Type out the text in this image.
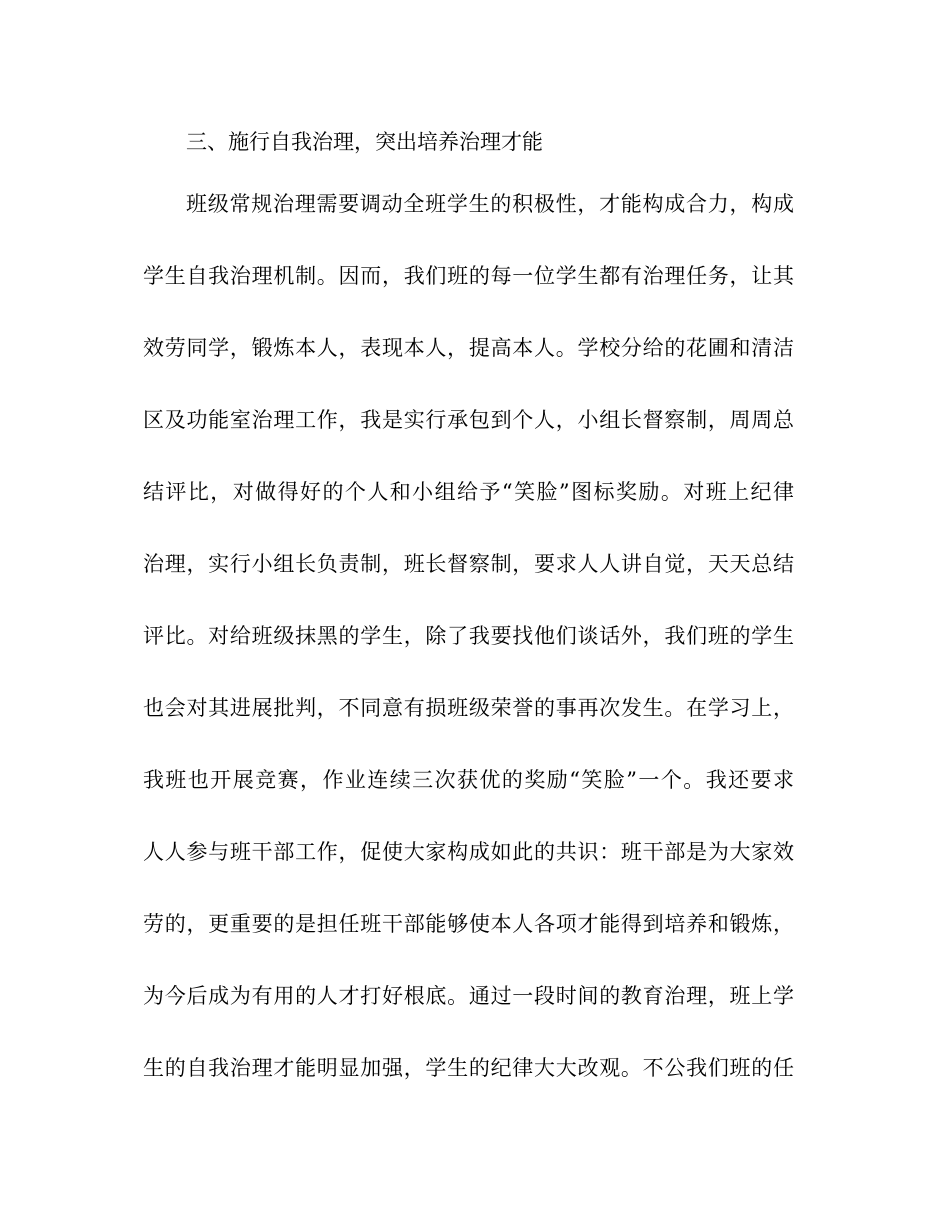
三、施行自我治理，突出培养治理才能
班级常规治理需要调动全班学生的积极性，才能构成合力，构成
学生自我治理机制。因而，我们班的每一位学生都有治理任务，让其
效劳同学，锻炼本人，表现本人，提高本人。学校分给的花圃和清洁
区及功能室治理工作，我是实行承包到个人，小组长督察制，周周总
结评比，对做得好的个人和小组给予“笑脸”图标奖励。对班上纪律
治理，实行小组长负责制，班长督察制，要求人人讲自觉，天天总结
评比。对给班级抹黑的学生，除了我要找他们谈话外，我们班的学生
也会对其进展批判，不同意有损班级荣誉的事再次发生。在学习上，
我班也开展竞赛，作业连续三次获优的奖励“笑脸”一个。我还要求
人人参与班干部工作，促使大家构成如此的共识：班干部是为大家效
劳的，更重要的是担任班干部能够使本人各项才能得到培养和锻炼，
为今后成为有用的人才打好根底。通过一段时间的教育治理，班上学
生的自我治理才能明显加强，学生的纪律大大改观。不公我们班的任
